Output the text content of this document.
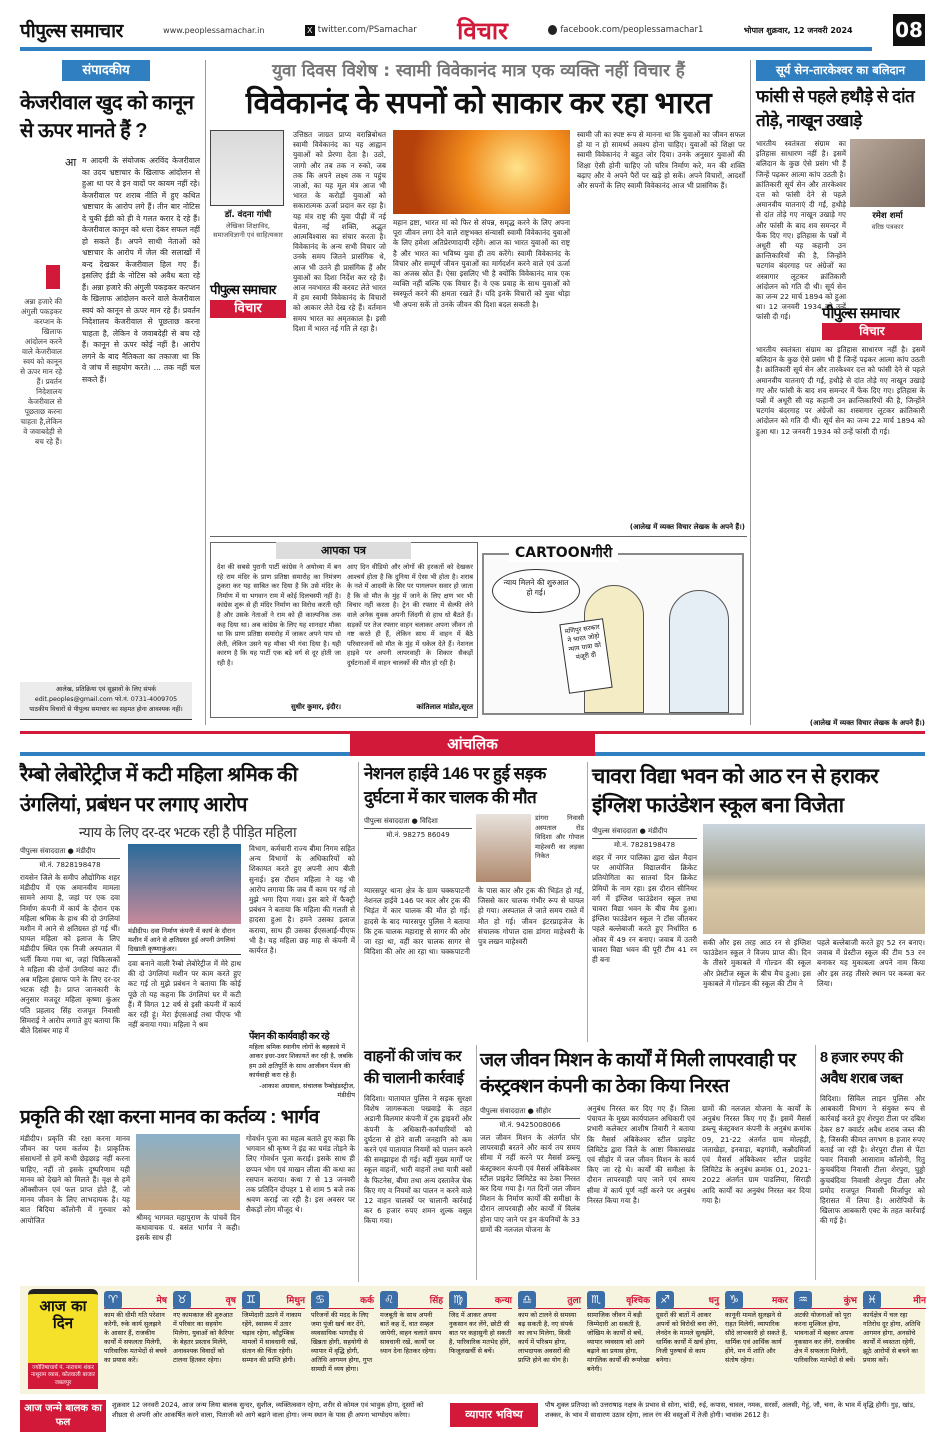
पीपुल्स समाचार	www.peoplessamachar.in	X twitter.com/PSamachar विचार	facebook.com/peoplessamachar1	भोपाल शुक्रवार, 12 जनवरी 2024 08
संपादकीय
केजरीवाल खुद को कानून से ऊपर मानते हैं ?
अन्ना हजारे की अंगुली पकड़कर करप्शन के खिलाफ आंदोलन करने वाले केजरीवाल स्वयं को कानून से ऊपर मान रहे हैं। प्रवर्तन निदेशालय केजरीवाल से पूछताछ करना चाहता है,लेकिन वे जवाबदेही से बच रहे हैं।
आ म आदमी के संयोजक अरविंद केजरीवाल का उदय भ्रष्टाचार के खिलाफ आंदोलन से हुआ था पर वे इन वादों पर कायम नहीं रहे। केजरीवाल पर शराब नीति में हुए कथित भ्रष्टाचार के आरोप लगे हैं। तीन बार नोटिस दे चुकी ईडी को ही वे गलत करार दे रहे हैं। केजरीवाल कानून को धत्ता देकर सफल नहीं हो सकते हैं। अपने साथी नेताओं को भ्रष्टाचार के आरोप में जेल की सलाखों में बन्द देखकर केजरीवाल हिल गए हैं। इसलिए ईडी के नोटिस को अवैध बता रहे हैं। अन्ना हजारे की अंगुली पकड़कर करप्शन के खिलाफ आंदोलन करने वाले केजरीवाल स्वयं को कानून से ऊपर मान रहे हैं। प्रवर्तन निदेशालय केजरीवाल से पूछताछ करना चाहता है, लेकिन वे जवाबदेही से बच रहे हैं। कानून से ऊपर कोई नहीं है। आरोप लगने के बाद नैतिकता का तकाजा था कि वे जांच में सहयोग करते। ... तक नहीं चल सकते हैं।
आलेख, प्रतिक्रिया एवं सुझावों के लिए संपर्क
edit.peoples@gmail.com फो.नं. 0731-4009705
पाठकीय विचारों से पीपुल्स समाचार का सहमत होना आवश्यक नहीं।
युवा दिवस विशेष : स्वामी विवेकानंद मात्र एक व्यक्ति नहीं विचार हैं
विवेकानंद के सपनों को साकार कर रहा भारत
डॉ. वंदना गांधी
लेखिका शिक्षाविद, समाजविज्ञानी एवं साहित्यकार
पीपुल्स समाचार
विचार
उत्तिष्ठत जाग्रत प्राप्य वरान्निबोधत स्वामी विवेकानंद का यह आह्वान युवाओं को प्रेरणा देता है। उठो, जागो और तब तक न रुको, जब तक कि अपने लक्ष्य तक न पहुंच जाओ, का यह मूल मंत्र आज भी भारत के करोड़ों युवाओं को सकारात्मक ऊर्जा प्रदान कर रहा है। यह मंत्र राष्ट्र की युवा पीढ़ी में नई चेतना, नई शक्ति, अद्भुत आत्मविश्वास का संचार करता है। विवेकानंद के अन्य सभी विचार जो उनके समय जितने प्रासंगिक थे, आज भी उतने ही प्रासंगिक हैं और युवाओं का दिशा निर्देश कर रहे हैं। आज नवभारत की करवट लेते भारत में हम स्वामी विवेकानंद के विचारों को आकार लेते देख रहे हैं। वर्तमान समय भारत का अमृतकाल है। इसी दिशा में भारत नई गति ले रहा है।
महान द्रष्टा, भारत मां को फिर से संपन्न, समृद्ध करने के लिए अपना पूरा जीवन लगा देने वाले राष्ट्रभक्त संन्यासी स्वामी विवेकानंद युवाओं के लिए हमेशा अतिप्रेरणादायी रहेंगे। आज का भारत युवाओं का राष्ट्र है और भारत का भविष्य युवा ही तय करेंगे। स्वामी विवेकानंद के विचार और सम्पूर्ण जीवन युवाओं का मार्गदर्शन करने वाले एवं ऊर्जा का अजस्र स्रोत हैं। ऐसा इसलिए भी है क्योंकि विवेकानंद मात्र एक व्यक्ति नहीं बल्कि एक विचार हैं। वे एक प्रवाह के साथ युवाओं को स्वस्फूर्त करने की क्षमता रखते हैं। यदि इनके विचारों को युवा थोड़ा भी अपना सकें तो उनके जीवन की दिशा बदल सकती है।
स्वामी जी का स्पष्ट रूप से मानना था कि युवाओं का जीवन सफल हो या न हो सामर्थ्य अवश्य होना चाहिए। युवाओं को शिक्षा पर स्वामी विवेकानंद ने बहुत जोर दिया। उनके अनुसार युवाओं की शिक्षा ऐसी होनी चाहिए जो चरित्र निर्माण करे, मन की शक्ति बढ़ाए और वे अपने पैरों पर खड़े हो सकें। अपने विचारों, आदर्शों और सपनों के लिए स्वामी विवेकानंद आज भी प्रासंगिक हैं।
(आलेख में व्यक्त विचार लेखक के अपने हैं।)
आपका पत्र
देश की सबसे पुरानी पार्टी कांग्रेस ने अयोध्या में बन रहे राम मंदिर के प्राण प्रतिष्ठा समारोह का निमंत्रण ठुकरा कर यह साबित कर दिया है कि उसे मंदिर के निर्माण में या भगवान राम में कोई दिलचस्पी नहीं है। कांग्रेस शुरू से ही मंदिर निर्माण का विरोध करती रही है और उसके नेताओं ने राम को ही काल्पनिक तक कह दिया था। अब कांग्रेस के लिए यह शानदार मौका था कि प्राण प्रतिष्ठा समारोह में जाकर अपने पाप धो लेती, लेकिन उसने यह मौका भी गंवा दिया है। यही कारण है कि यह पार्टी एक बड़े वर्ग से दूर होती जा रही है।
सुधीर कुमार, इंदौर।
आए दिन वीडियो और लोगों की हरकतों को देखकर आश्चर्य होता है कि दुनिया में ऐसा भी होता है। शराब के नशे में आदमी के सिर पर पागलपन सवार हो जाता है कि वो मौत के मुंह में जाने के लिए क्षण भर भी विचार नहीं करता है। ट्रेन की रफ्तार में सेल्फी लेने वाले अनेक युवक अपनी जिंदगी से हाथ धो बैठते हैं। सड़कों पर तेज रफ्तार वाहन चलाकर अपना जीवन तो नष्ट करते ही हैं, लेकिन साथ में वाहन में बैठे परिवारजनों को मौत के मुंह में धकेल देते हैं। नेशनल हाइवे पर अपनी लापरवाही के शिकार सैकड़ों दुर्घटनाओं में वाहन चालकों की मौत हो रही है।
कांतिलाल मांडोत,सूरत
CARTOONगीरी
न्याय मिलने की शुरुआत हो गई।
मणिपुर सरकार ने भारत जोड़ो न्याय यात्रा को मंजूरी दी
सूर्य सेन-तारकेश्वर का बलिदान
फांसी से पहले हथौड़े से दांत तोड़े, नाखून उखाड़े
भारतीय स्वतंत्रता संग्राम का इतिहास साधारण नहीं है। इसमें बलिदान के कुछ ऐसे प्रसंग भी हैं जिन्हें पढ़कर आत्मा कांप उठती है। क्रांतिकारी सूर्य सेन और तारकेश्वर दत्त को फांसी देने से पहले अमानवीय यातनाएं दी गईं, हथौड़े से दांत तोड़े गए नाखून उखाड़े गए और फांसी के बाद शव समन्दर में फेंक दिए गए। इतिहास के पन्नों में अधूरी सी यह कहानी उन क्रान्तिकारियों की है, जिन्होंने चटगांव बंदरगाह पर अंग्रेजों का शस्त्रागार लूटकर क्रांतिकारी आंदोलन को गति दी थी। सूर्य सेन का जन्म 22 मार्च 1894 को हुआ था। 12 जनवरी 1934 को उन्हें फांसी दी गई।
रमेश शर्मा
वरिष्ठ पत्रकार
पीपुल्स समाचार
विचार
भारतीय स्वतंत्रता संग्राम का इतिहास साधारण नहीं है। इसमें बलिदान के कुछ ऐसे प्रसंग भी हैं जिन्हें पढ़कर आत्मा कांप उठती है। क्रांतिकारी सूर्य सेन और तारकेश्वर दत्त को फांसी देने से पहले अमानवीय यातनाएं दी गईं, हथौड़े से दांत तोड़े गए नाखून उखाड़े गए और फांसी के बाद शव समन्दर में फेंक दिए गए। इतिहास के पन्नों में अधूरी सी यह कहानी उन क्रान्तिकारियों की है, जिन्होंने चटगांव बंदरगाह पर अंग्रेजों का शस्त्रागार लूटकर क्रांतिकारी आंदोलन को गति दी थी। सूर्य सेन का जन्म 22 मार्च 1894 को हुआ था। 12 जनवरी 1934 को उन्हें फांसी दी गई।
(आलेख में व्यक्त विचार लेखक के अपने हैं।)
आंचलिक
रैम्बो लेबोरेट्रीज में कटी महिला श्रमिक की उंगलियां, प्रबंधन पर लगाए आरोप
न्याय के लिए दर-दर भटक रही है पीड़ित महिला
पीपुल्स संवाददाता ● मंडीदीप
मो.नं. 7828198478
रायसेन जिले के समीप औद्योगिक शहर मंडीदीप में एक अमानवीय मामला सामने आया है, जहां पर एक दवा निर्माण कंपनी में कार्य के दौरान एक महिला श्रमिक के हाथ की दो उंगलियां मशीन में आने से क्षतिग्रस्त हो गई थीं। घायल महिला को इलाज के लिए मंडीदीप स्थित एक निजी अस्पताल में भर्ती किया गया था, जहां चिकित्सकों ने महिला की दोनों उंगलियां काट दीं। अब महिला इंसाफ पाने के लिए दर-दर भटक रही है। प्राप्त जानकारी के अनुसार मजदूर महिला कृष्णा कुंअर पति प्रहलाद सिंह राजपूत निवासी सिमराई ने आरोप लगाते हुए बताया कि बीते दिसंबर माह में
मंडीदीप। दवा निर्माण कंपनी में कार्य के दौरान मशीन में आने से क्षतिग्रस्त हुई अपनी उंगलियां दिखाती कृष्णाकुंअर।
दवा बनाने वाली रैम्बो लेबोरेट्रीज में मेरे हाथ की दो उंगलियां मशीन पर काम करते हुए कट गई तो मुझे प्रबंधन ने बताया कि कोई पूछे तो यह कहना कि उंगलियां घर में कटी हैं। मैं विगत 12 वर्ष से इसी कंपनी में कार्य कर रही हूं। मेरा ईएसआई तथा पीएफ भी नहीं बनाया गया। महिला ने श्रम
विभाग, कर्मचारी राज्य बीमा निगम सहित अन्य विभागों के अधिकारियों को शिकायत करते हुए अपनी आप बीती सुनाई। इस दौरान महिला ने यह भी आरोप लगाया कि जब मैं काम पर गई तो मुझे भगा दिया गया। इस बारे में फैक्ट्री प्रबंधन ने बताया कि महिला की गलती से हादसा हुआ है। हमने उसका इलाज कराया, साथ ही उसका ईएसआई-पीएफ भी है। यह महिला छह माह से कंपनी में कार्यरत है।
पेंशन की कार्यवाही कर रहे
महिला श्रमिक स्थानीय लोगों के बहकावे में आकर इधर-उधर शिकायतें कर रही है, जबकि हम उसे क्षतिपूर्ति के साथ आजीवन पेंशन की कार्यवाही करा रहे हैं।
-आकाश अग्रवाल, संचालक रैम्बोइंडस्ट्रीज, मंडीदीप
नेशनल हाईवे 146 पर हुई सड़क दुर्घटना में कार चालक की मौत
पीपुल्स संवाददाता ● विदिशा
मो.नं. 98275 86049
डांगरा निवासी अस्पताल रोड विदिशा और गोपाल माहेश्वरी का लड़का निकेत
ग्यारसपुर थाना क्षेत्र के ग्राम चक्कपाटनी नेशनल हाईवे 146 पर कार और ट्रक की भिड़ंत में कार चालक की मौत हो गई। हादसे के बाद ग्यारसपुर पुलिस ने बताया कि ट्रक चालक महाराष्ट्र से सागर की ओर जा रहा था, वहीं कार चालक सागर से विदिशा की ओर आ रहा था। चक्कपाटनी के पास कार और ट्रक की भिड़ंत हो गई, जिससे कार चालक गंभीर रूप से घायल हो गया। अस्पताल ले जाते समय रास्ते में मौत हो गई। जीवन इंटरप्राइजेज के संचालक गोपाल दास डांगरा माहेश्वरी के पुत्र लखन माहेश्वरी
चावरा विद्या भवन को आठ रन से हराकर इंग्लिश फाउंडेशन स्कूल बना विजेता
पीपुल्स संवाददाता ● मंडीदीप
मो.नं. 7828198478
शहर में नगर पालिका द्वारा खेल मैदान पर आयोजित विद्यालयीन क्रिकेट प्रतियोगिता का सातवां दिन क्रिकेट प्रेमियों के नाम रहा। इस दौरान सीनियर वर्ग में इंग्लिश फाउंडेशन स्कूल तथा चावरा विद्या भवन के बीच मैच हुआ। इंग्लिश फाउंडेशन स्कूल ने टॉस जीतकर पहले बल्लेबाजी करते हुए निर्धारित 6 ओवर में 49 रन बनाए। जवाब में उतरी चावरा विद्या भवन की पूरी टीम 41 रन ही बना
सकी और इस तरह आठ रन से इंग्लिश फाउंडेशन स्कूल ने विजय प्राप्त की। दिन के तीसरे मुकाबले में गोल्डन की स्कूल और प्रेस्टीज स्कूल के बीच मैच हुआ। इस मुकाबले में गोल्डन की स्कूल की टीम ने
पहले बल्लेबाजी करते हुए 52 रन बनाए। जवाब में प्रेस्टीज स्कूल की टीम 53 रन बनाकर यह मुकाबला अपने नाम किया और इस तरह तीसरे स्थान पर कब्जा कर लिया।
प्रकृति की रक्षा करना मानव का कर्तव्य : भार्गव
मंडीदीप। प्रकृति की रक्षा करना मानव जीवन का परम कर्तव्य है। प्राकृतिक संसाधनों से हमें कभी छेड़छाड़ नहीं करना चाहिए, नहीं तो इसके दुष्परिणाम यही मानव को देखने को मिलते हैं। वृक्ष से हमें ऑक्सीजन एवं फल प्राप्त होते हैं, जो मानव जीवन के लिए लाभदायक है। यह बात बिदिया कॉलोनी में गुरुवार को आयोजित	श्रीमद् भागवत महापुराण के पांचवें दिन कथावाचक पं. बसंत भार्गव ने कही। इसके साथ ही
गोवर्धन पूजा का महत्व बताते हुए कहा कि भगवान श्री कृष्ण ने इंद्र का घमंड तोड़ने के लिए गोवर्धन पूजा कराई। इसके साथ ही छप्पन भोग एवं माखन लीला की कथा का रसपान कराया। कथा 7 से 13 जनवरी तक प्रतिदिन दोपहर 1 से शाम 5 बजे तक श्रवण कराई जा रही है। इस अवसर पर सैकड़ों लोग मौजूद थे।
वाहनों की जांच कर की चालानी कार्रवाई
विदिशा। यातायात पुलिस ने सड़क सुरक्षा विशेष जागरूकता पखवाड़े के तहत अडानी विलमार कंपनी में ट्रक ड्राइवरों और कंपनी के अधिकारी-कर्मचारियों को दुर्घटना से होने वाली जनहानि को कम करने एवं यातायात नियमों को पालन करने की समझाइश दी गई। वहीं मुख्य मार्गों पर स्कूल वाहनों, भारी वाहनों तथा यात्री बसों के फिटनेस, बीमा तथा अन्य दस्तावेज चेक किए गए व नियमों का पालन न करने वाले 12 वाहन चालकों पर चालानी कार्रवाई कर 6 हजार रुपए शमन शुल्क वसूल किया गया।
जल जीवन मिशन के कार्यों में मिली लापरवाही पर कंस्ट्रक्शन कंपनी का ठेका किया निरस्त
पीपुल्स संवाददाता ● सीहोर
मो.नं. 9425008066
जल जीवन मिशन के अंतर्गत घोर लापरवाही बरतने और कार्य तय समय सीमा में नहीं करने पर मैसर्स डब्ल्यू कंस्ट्रक्शन कंपनी एवं मैसर्स अंबिकेश्वर स्टील प्राइवेट लिमिटेड का ठेका निरस्त कर दिया गया है। गत दिनों जल जीवन मिशन के निर्माण कार्यों की समीक्षा के दौरान लापरवाही और कार्यों में विलंब होना पाए जाने पर इन कंपनियों के 33 ग्रामों की नलजल योजना के
अनुबंध निरस्त कर दिए गए हैं। जिला पंचायत के मुख्य कार्यपालन अधिकारी एवं प्रभारी कलेक्टर आशीष तिवारी ने बताया कि मैसर्स अंबिकेश्वर स्टील प्राइवेट लिमिटेड द्वारा जिले के आष्टा विकासखंड एवं सीहोर में जल जीवन मिशन के कार्य किए जा रहे थे। कार्यों की समीक्षा के दौरान लापरवाही पाए जाने एवं समय सीमा में कार्य पूर्ण नहीं करने पर अनुबंध निरस्त किया गया है।
ग्रामों की नलजल योजना के कार्यों के अनुबंध निरस्त किए गए हैं। इसमें मैसर्स डब्ल्यू कंस्ट्रक्शन कंपनी के अनुबंध क्रमांक 09, 21-22 अंतर्गत ग्राम मोल्हड़ी, जताखेड़ा, इनवाड़ा, बड़गांवी, कन्नौदमिर्जा एवं मैसर्स अंबिकेश्वर स्टील प्राइवेट लिमिटेड के अनुबंध क्रमांक 01, 2021-2022 अंतर्गत ग्राम पाडलिया, सिराड़ी आदि कार्यों का अनुबंध निरस्त कर दिया गया है।
8 हजार रुपए की अवैध शराब जब्त
विदिशा। सिविल लाइन पुलिस और आबकारी विभाग ने संयुक्त रूप से कार्रवाई करते हुए शेरपुरा टीला पर दबिश देकर 87 क्वार्टर अवैध शराब जब्त की है, जिसकी कीमत लगभग 8 हजार रुपए बताई जा रही है। शेरपुरा टीला से पेंटा पवार निवासी आसाराम कॉलोनी, रितु कुचबंदिया निवासी टीला शेरपुरा, घुड्डो कुचबंदिया निवासी शेरपुरा टीला और प्रमोद राजपूत निवासी मिर्जापुर को हिरासत में लिया है। आरोपियों के खिलाफ आबकारी एक्ट के तहत कार्रवाई की गई है।
आज का दिन
ज्योतिषाचार्य पं. नारायण शंकर नाथूराम व्यास, कोतवाली बाजार जबलपुर
♈	मेष
काम की धीमी गति परेशान करेगी, रुके कार्य सुलझने के आसार हैं, राजकीय कार्यों में सफलता मिलेगी, पारिवारिक मतभेदों से बचने का प्रयास करें।
♉	वृष
नए कामकाज की शुरुआत में परिवार का सहयोग मिलेगा, युवाओं को कैरियर के बेहतर प्रस्ताव मिलेंगे, अनावश्यक विवादों को टालना हितकर रहेगा।
♊	मिथुन
जिम्मेदारी उठाने में नाकाम रहेंगे, स्वास्थ्य में उतार चढ़ाव रहेगा, कौटुम्बिक मामलों में सावधानी रखें, संतान की चिंता रहेगी। सम्मान की प्राप्ति होगी।
♋	कर्क
परिजनों की मदद के लिए जमा पूंजी खर्च कर देंगे, व्यवसायिक भागदौड़ से खिन्नता होगी, सहयोगी से व्यापार में वृद्धि होगी, अतिथि आगमन होगा, गुप्त सामग्री में व्यय होगा।
♌	सिंह
मजबूती के साथ अपनी बातें कह दें, वात सम्हल जायेगी, वाहन चलाते समय सावधानी रखें, कार्यों पर ध्यान देना हितकर रहेगा।
♍	कन्या
जिद में आकर अपना नुकसान कर लेंगे, छोटी सी बात पर कहासुनी हो सकती है, पारिवारिक मतभेद होंगे, फिजूलखर्ची से बचें।
♎	तुला
काम को टालने से समस्या बढ़ सकती है, नए संपर्क का लाभ मिलेगा, किसी कार्य में परिश्रम होगा, लाभदायक अवसरों की प्राप्ति होने का योग है।
♏	वृश्चिक
सामाजिक जीवन में बड़ी जिम्मेदारी आ सकती है, जोखिम के कार्यों से बचें, व्यापार व्यवसाय को आगे बढ़ाने का प्रयास होगा, मांगलिक कार्यों की रूपरेखा बनेगी।
♐	धनु
दूसरों की बातों में आकर अपनों को विरोधी बना लेंगे, लेनदेन के मामले सुलझेंगे, धार्मिक कार्यों में खर्च होगा, निजी पुरुषार्थ से काम बनेगा।
♑	मकर
कानूनी मामले सुलझने से राहत मिलेगी, व्यापारिक सौदे लाभकारी हो सकते हैं, धार्मिक एवं आर्थिक कार्य होंगे, मन में शांति और संतोष रहेगा।
♒	कुंभ
अटकी योजनाओं को पूरा करना मुश्किल होगा, भावनाओं में बहकर अपना नुकसान कर लेंगे, राजकीय क्षेत्र में सफलता मिलेगी, पारिवारिक मतभेदों से बचें।
♓	मीन
कार्यक्षेत्र में चल रहा गतिरोध दूर होगा, अतिथि आगमन होगा, अनसोचे कार्यों में व्यस्तता रहेगी, झूठे आरोपों से बचने का प्रयास करें।
आज जन्मे बालक का फल
शुक्रवार 12 जनवरी 2024, आज जन्म लिया बालक सुन्दर, सुशील, व्यक्तित्ववान रहेगा, शरीर से कोमल एवं भावुक होगा, दूसरों को शीघ्रता से अपनी ओर आकर्षित करने वाला, पिताजी को आगे बढ़ाने वाला होगा। जन्म स्थान के पास ही अपना भाग्योदय करेगा।	व्यापार भविष्य
पौष शुक्ल प्रतिपदा को उत्तराषाढ़ नक्षत्र के प्रभाव से सोना, चांदी, रुई, कपास, चावल, नमक, सरसों, अलसी, गेहूं, जौ, चना, के भाव में वृद्धि होगी। गुड़, खांड, शक्कर, के भाव में साधारण उठाव रहेगा, लाल रंग की वस्तुओं में तेजी होगी। भावांक 2612 है।
